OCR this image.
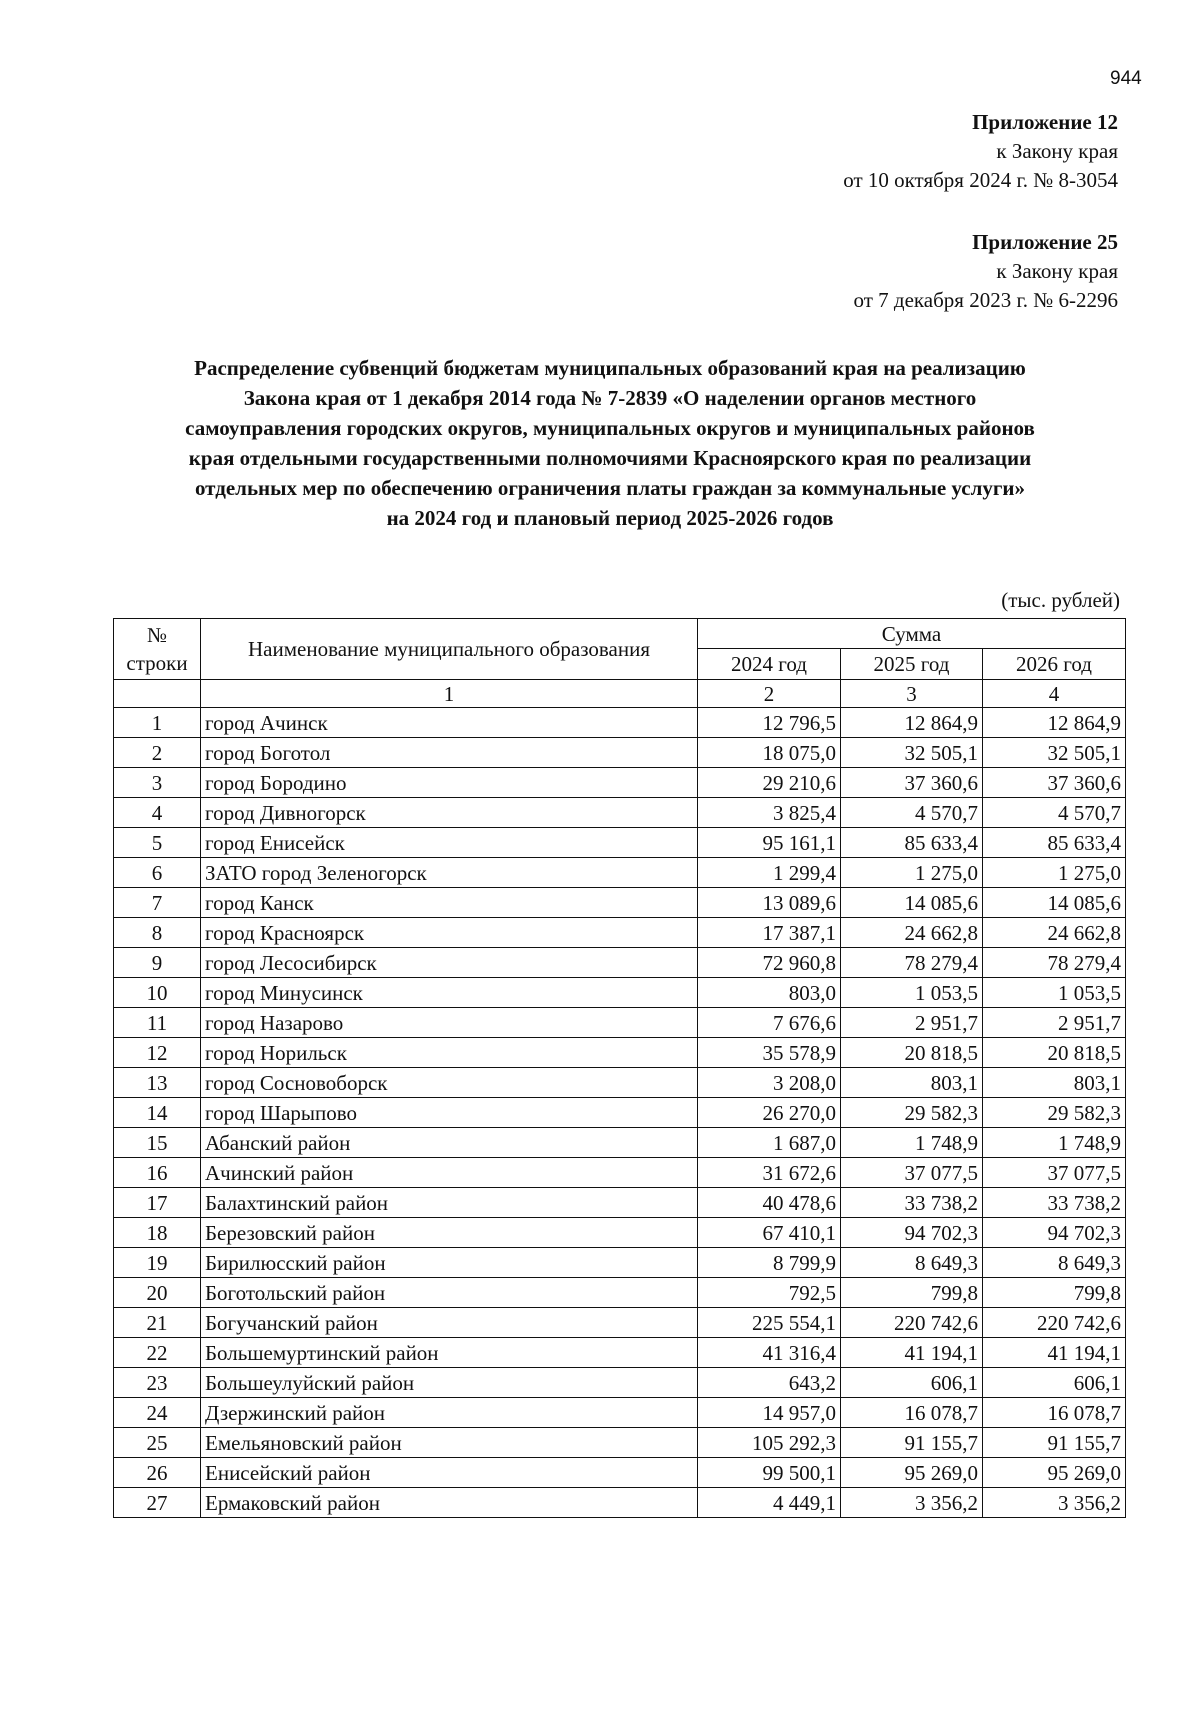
944
Приложение 12
к Закону края
от 10 октября 2024 г. № 8-3054
Приложение 25
к Закону края
от 7 декабря 2023 г. № 6-2296
Распределение субвенций бюджетам муниципальных образований края на реализацию
Закона края от 1 декабря 2014 года № 7-2839 «О наделении органов местного
самоуправления городских округов, муниципальных округов и муниципальных районов
края отдельными государственными полномочиями Красноярского края по реализации
отдельных мер по обеспечению ограничения платы граждан за коммунальные услуги»
на 2024 год и плановый период 2025-2026 годов
(тыс. рублей)
№
строки	Наименование муниципального образования	Сумма		
		2024 год	2025 год	2026 год
	1	2	3	4
1	город Ачинск	12 796,5	12 864,9	12 864,9
2	город Боготол	18 075,0	32 505,1	32 505,1
3	город Бородино	29 210,6	37 360,6	37 360,6
4	город Дивногорск	3 825,4	4 570,7	4 570,7
5	город Енисейск	95 161,1	85 633,4	85 633,4
6	ЗАТО город Зеленогорск	1 299,4	1 275,0	1 275,0
7	город Канск	13 089,6	14 085,6	14 085,6
8	город Красноярск	17 387,1	24 662,8	24 662,8
9	город Лесосибирск	72 960,8	78 279,4	78 279,4
10	город Минусинск	803,0	1 053,5	1 053,5
11	город Назарово	7 676,6	2 951,7	2 951,7
12	город Норильск	35 578,9	20 818,5	20 818,5
13	город Сосновоборск	3 208,0	803,1	803,1
14	город Шарыпово	26 270,0	29 582,3	29 582,3
15	Абанский район	1 687,0	1 748,9	1 748,9
16	Ачинский район	31 672,6	37 077,5	37 077,5
17	Балахтинский район	40 478,6	33 738,2	33 738,2
18	Березовский район	67 410,1	94 702,3	94 702,3
19	Бирилюсский район	8 799,9	8 649,3	8 649,3
20	Боготольский район	792,5	799,8	799,8
21	Богучанский район	225 554,1	220 742,6	220 742,6
22	Большемуртинский район	41 316,4	41 194,1	41 194,1
23	Большеулуйский район	643,2	606,1	606,1
24	Дзержинский район	14 957,0	16 078,7	16 078,7
25	Емельяновский район	105 292,3	91 155,7	91 155,7
26	Енисейский район	99 500,1	95 269,0	95 269,0
27	Ермаковский район	4 449,1	3 356,2	3 356,2
